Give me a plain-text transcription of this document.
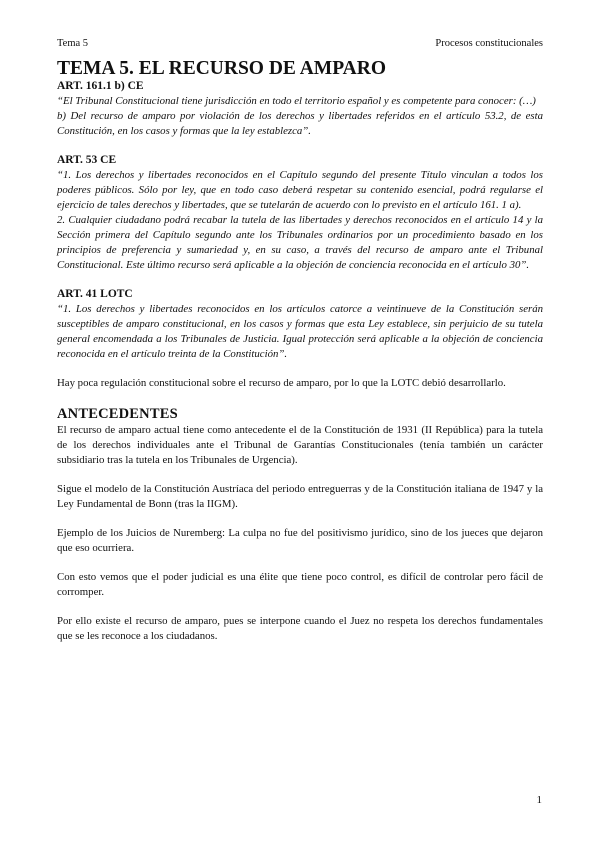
Tema 5	Procesos constitucionales
TEMA 5. EL RECURSO DE AMPARO
ART. 161.1 b) CE

“El Tribunal Constitucional tiene jurisdicción en todo el territorio español y es competente para conocer: (…)

b) Del recurso de amparo por violación de los derechos y libertades referidos en el artículo 53.2, de esta Constitución, en los casos y formas que la ley establezca”.

ART. 53 CE

“1. Los derechos y libertades reconocidos en el Capítulo segundo del presente Título vinculan a todos los poderes públicos. Sólo por ley, que en todo caso deberá respetar su contenido esencial, podrá regularse el ejercicio de tales derechos y libertades, que se tutelarán de acuerdo con lo previsto en el artículo 161. 1 a).

2. Cualquier ciudadano podrá recabar la tutela de las libertades y derechos reconocidos en el artículo 14 y la Sección primera del Capítulo segundo ante los Tribunales ordinarios por un procedimiento basado en los principios de preferencia y sumariedad y, en su caso, a través del recurso de amparo ante el Tribunal Constitucional. Este último recurso será aplicable a la objeción de conciencia reconocida en el artículo 30”.

ART. 41 LOTC

“1. Los derechos y libertades reconocidos en los artículos catorce a veintinueve de la Constitución serán susceptibles de amparo constitucional, en los casos y formas que esta Ley establece, sin perjuicio de su tutela general encomendada a los Tribunales de Justicia. Igual protección será aplicable a la objeción de conciencia reconocida en el artículo treinta de la Constitución”.

Hay poca regulación constitucional sobre el recurso de amparo, por lo que la LOTC debió desarrollarlo.

ANTECEDENTES

El recurso de amparo actual tiene como antecedente el de la Constitución de 1931 (II República) para la tutela de los derechos individuales ante el Tribunal de Garantías Constitucionales (tenía también un carácter subsidiario tras la tutela en los Tribunales de Urgencia).

Sigue el modelo de la Constitución Austríaca del periodo entreguerras y de la Constitución italiana de 1947 y la Ley Fundamental de Bonn (tras la IIGM).

Ejemplo de los Juicios de Nuremberg: La culpa no fue del positivismo jurídico, sino de los jueces que dejaron que eso ocurriera.

Con esto vemos que el poder judicial es una élite que tiene poco control, es difícil de controlar pero fácil de corromper.

Por ello existe el recurso de amparo, pues se interpone cuando el Juez no respeta los derechos fundamentales que se les reconoce a los ciudadanos.

1
